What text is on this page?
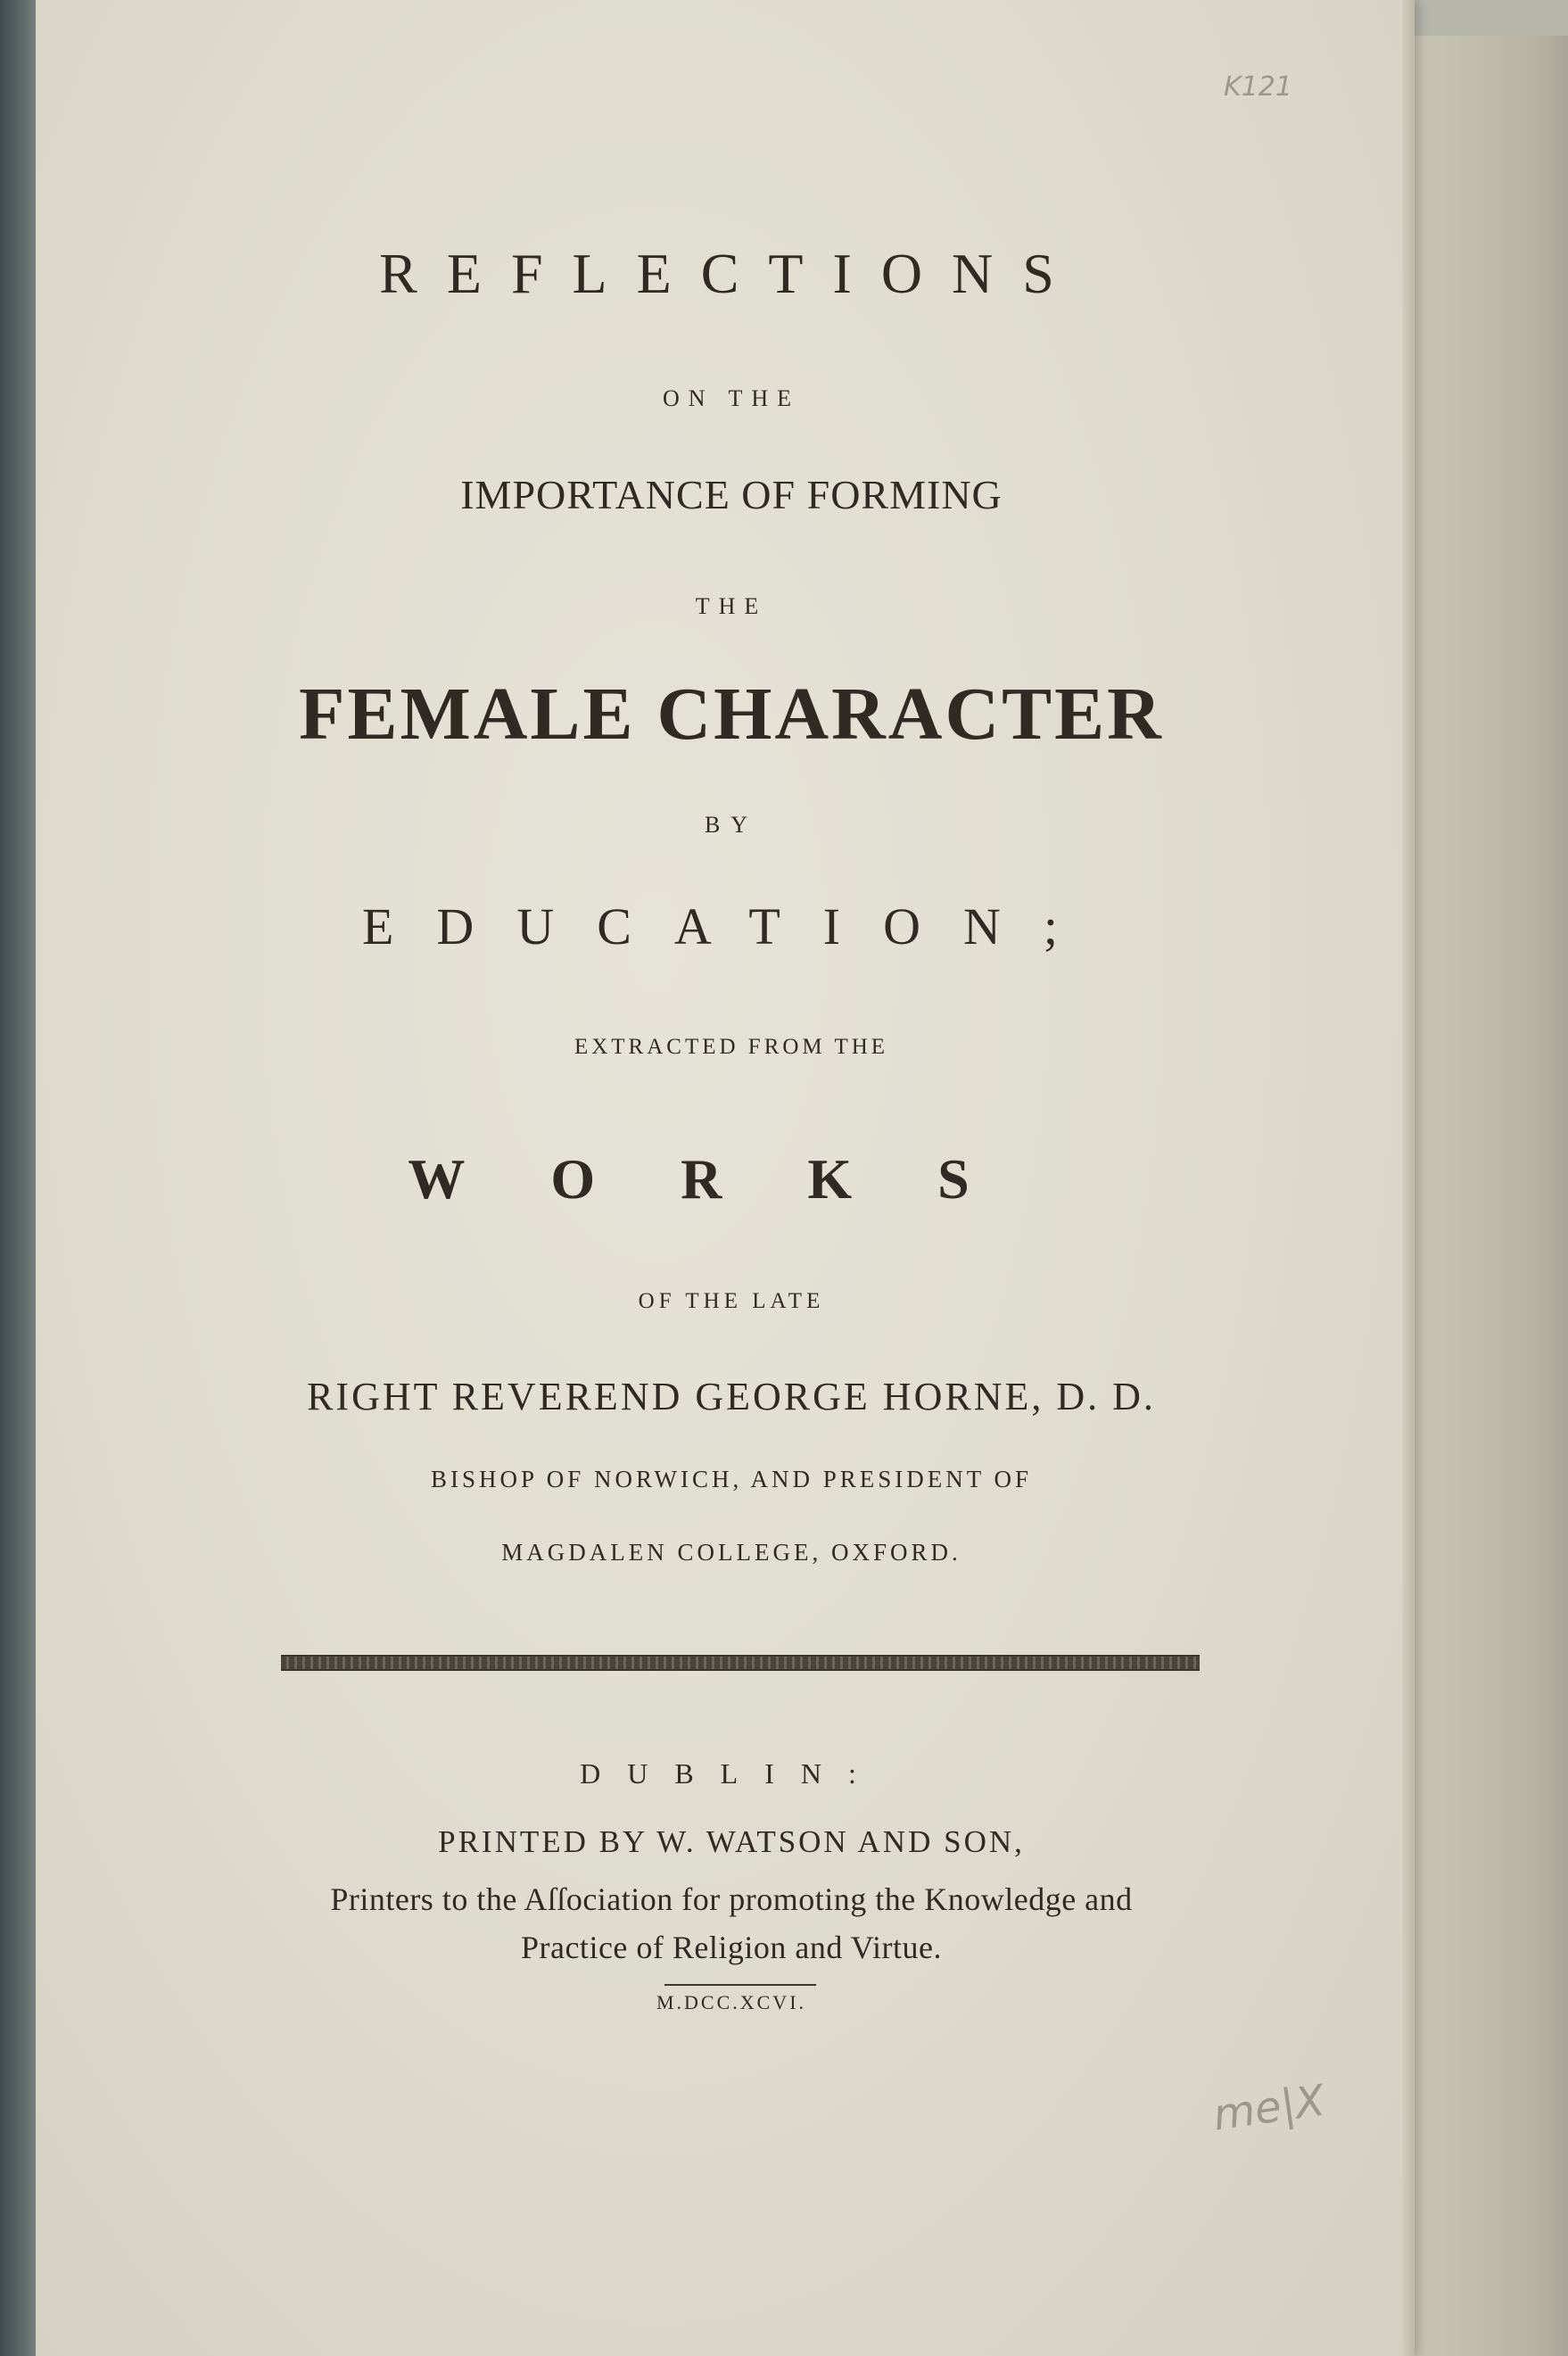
REFLECTIONS
ON THE
IMPORTANCE OF FORMING
THE
FEMALE CHARACTER
BY
EDUCATION;
EXTRACTED FROM THE
WORKS
OF THE LATE
RIGHT REVEREND GEORGE HORNE, D. D.
BISHOP OF NORWICH, AND PRESIDENT OF
MAGDALEN COLLEGE, OXFORD.
DUBLIN:
PRINTED BY W. WATSON AND SON,
Printers to the Aſſociation for promoting the Knowledge and
Practice of Religion and Virtue.
M.DCC.XCVI.
K121
me|X
